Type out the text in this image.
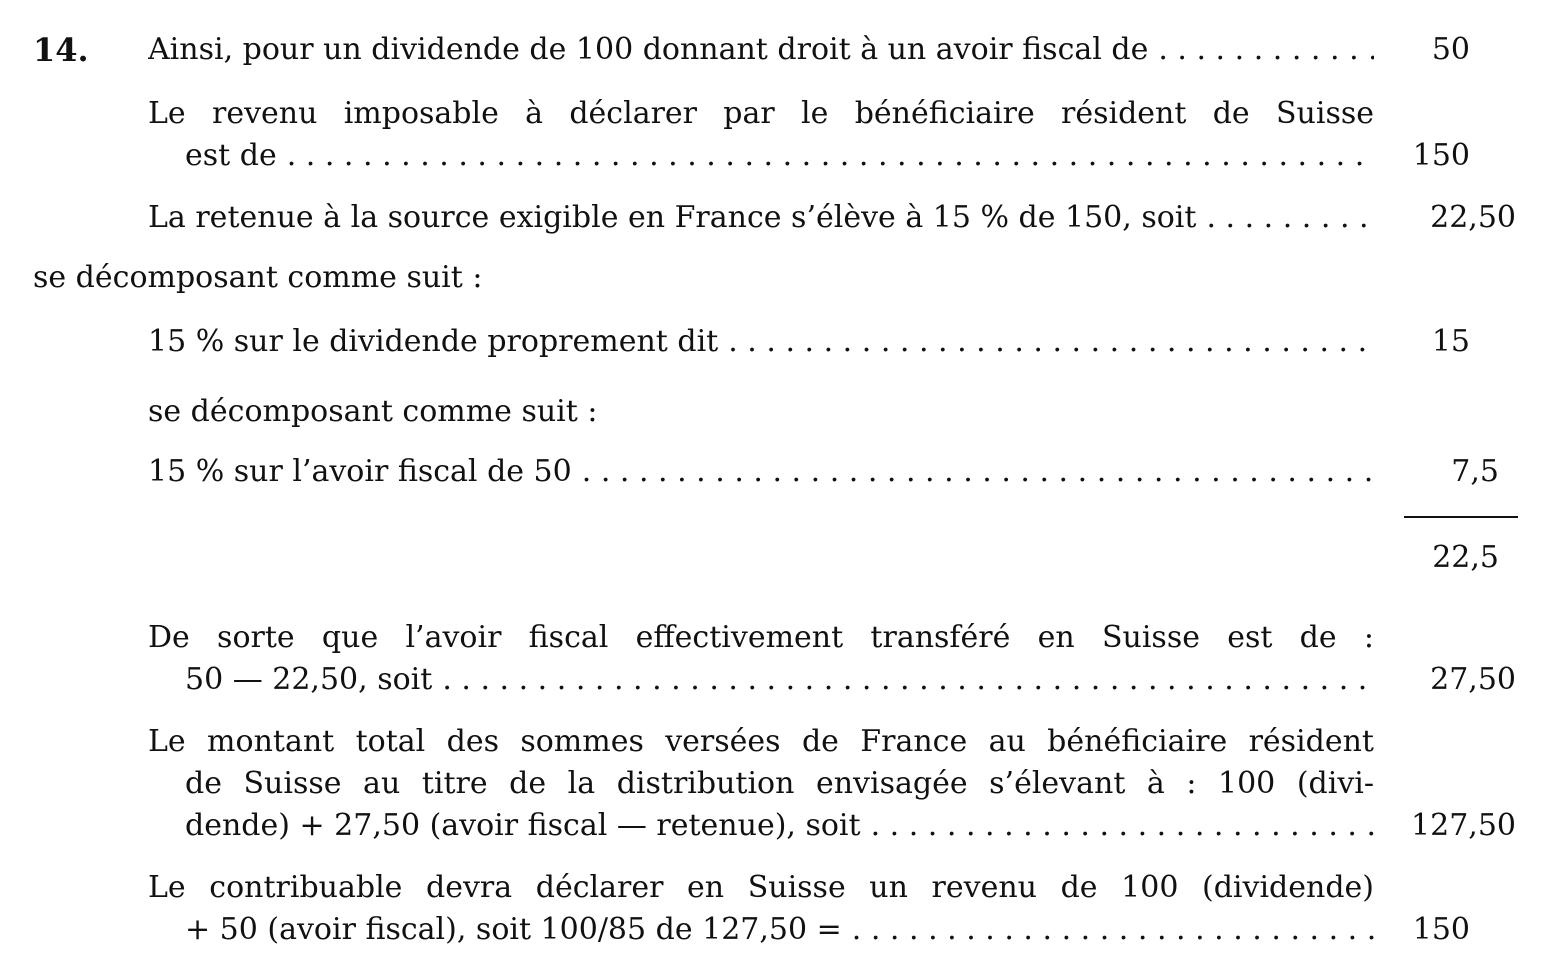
14. Ainsi, pour un dividende de 100 donnant droit à un avoir fiscal de . . .	50
Le revenu imposable à déclarer par le bénéficiaire résident de Suisse
est de . . .	150
La retenue à la source exigible en France s’élève à 15 % de 150, soit . . .	22,50
se décomposant comme suit :
15 % sur le dividende proprement dit . . .	15
se décomposant comme suit :
15 % sur l’avoir fiscal de 50 . . .	7,5
22,5
De sorte que l’avoir fiscal effectivement transféré en Suisse est de :
50 — 22,50, soit . . .	27,50
Le montant total des sommes versées de France au bénéficiaire résident
de Suisse au titre de la distribution envisagée s’élevant à : 100 (divi-
dende) + 27,50 (avoir fiscal — retenue), soit . . .	127,50
Le contribuable devra déclarer en Suisse un revenu de 100 (dividende)
+ 50 (avoir fiscal), soit 100/85 de 127,50 = . . .	150
